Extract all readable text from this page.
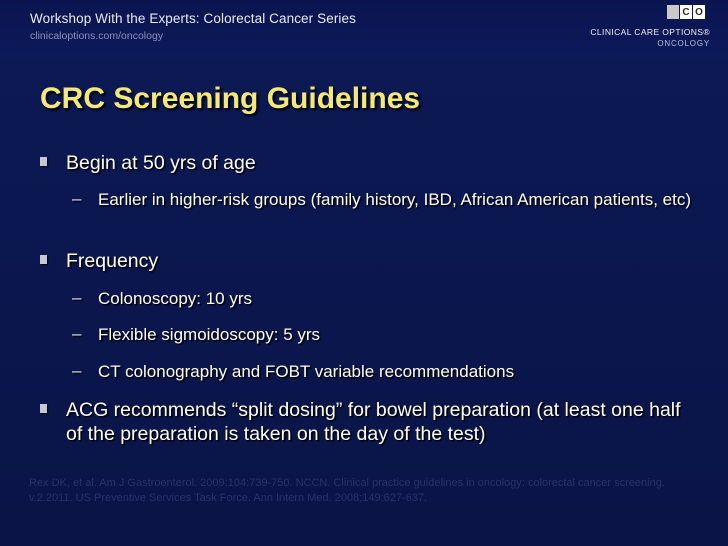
Workshop With the Experts: Colorectal Cancer Series
clinicaloptions.com/oncology
C O
CLINICAL CARE OPTIONS®
ONCOLOGY
CRC Screening Guidelines
Begin at 50 yrs of age
– Earlier in higher-risk groups (family history, IBD, African American patients, etc)
Frequency
– Colonoscopy: 10 yrs
– Flexible sigmoidoscopy: 5 yrs
– CT colonography and FOBT variable recommendations
ACG recommends “split dosing” for bowel preparation (at least one half of the preparation is taken on the day of the test)
Rex DK, et al. Am J Gastroenterol. 2009;104:739-750. NCCN. Clinical practice guidelines in oncology: colorectal cancer screening. v.2.2011. US Preventive Services Task Force. Ann Intern Med. 2008;149:627-637.
